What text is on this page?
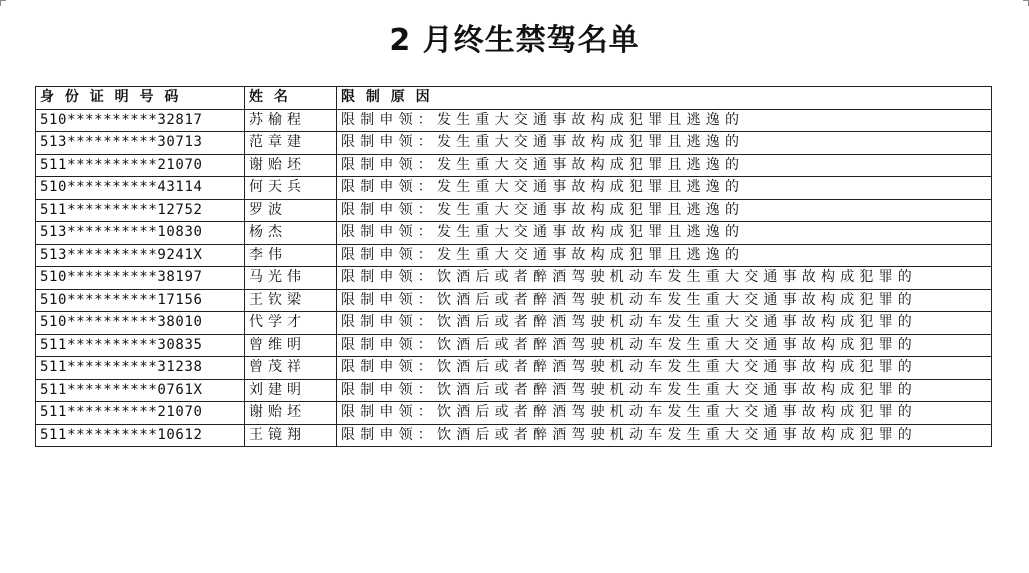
2 月终生禁驾名单
身 份 证 明 号 码	姓 名	限 制 原 因
510**********32817	苏榆程	限制申领：发生重大交通事故构成犯罪且逃逸的
513**********30713	范章建	限制申领：发生重大交通事故构成犯罪且逃逸的
511**********21070	谢贻坯	限制申领：发生重大交通事故构成犯罪且逃逸的
510**********43114	何天兵	限制申领：发生重大交通事故构成犯罪且逃逸的
511**********12752	罗波	限制申领：发生重大交通事故构成犯罪且逃逸的
513**********10830	杨杰	限制申领：发生重大交通事故构成犯罪且逃逸的
513**********9241X	李伟	限制申领：发生重大交通事故构成犯罪且逃逸的
510**********38197	马光伟	限制申领：饮酒后或者醉酒驾驶机动车发生重大交通事故构成犯罪的
510**********17156	王钦梁	限制申领：饮酒后或者醉酒驾驶机动车发生重大交通事故构成犯罪的
510**********38010	代学才	限制申领：饮酒后或者醉酒驾驶机动车发生重大交通事故构成犯罪的
511**********30835	曾维明	限制申领：饮酒后或者醉酒驾驶机动车发生重大交通事故构成犯罪的
511**********31238	曾茂祥	限制申领：饮酒后或者醉酒驾驶机动车发生重大交通事故构成犯罪的
511**********0761X	刘建明	限制申领：饮酒后或者醉酒驾驶机动车发生重大交通事故构成犯罪的
511**********21070	谢贻坯	限制申领：饮酒后或者醉酒驾驶机动车发生重大交通事故构成犯罪的
511**********10612	王镜翔	限制申领：饮酒后或者醉酒驾驶机动车发生重大交通事故构成犯罪的
